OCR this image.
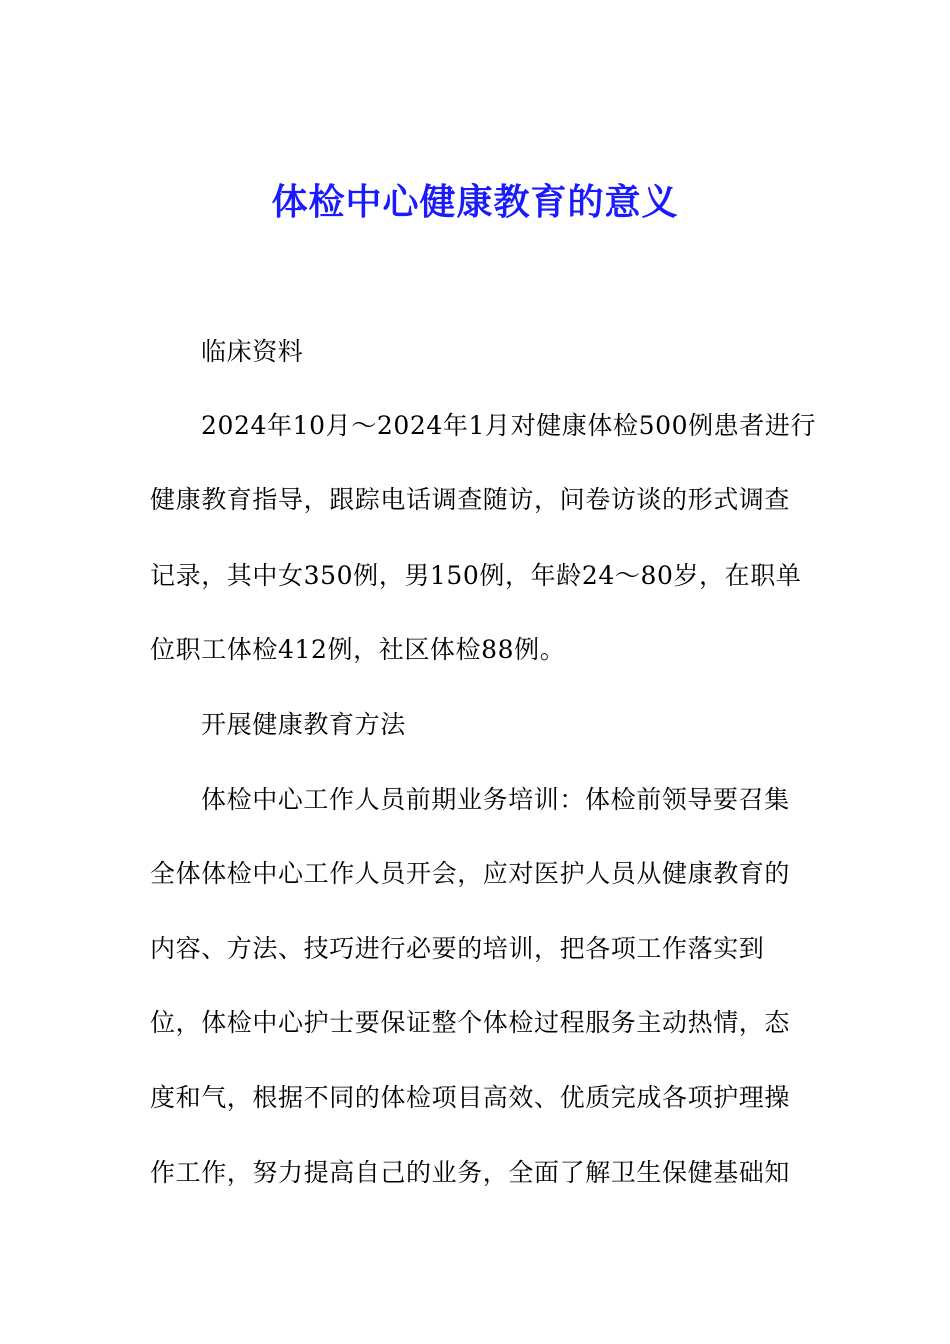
体检中心健康教育的意义
临床资料
2024年10月～2024年1月对健康体检500例患者进行
健康教育指导，跟踪电话调查随访，问卷访谈的形式调查
记录，其中女350例，男150例，年龄24～80岁，在职单
位职工体检412例，社区体检88例。
开展健康教育方法
体检中心工作人员前期业务培训：体检前领导要召集
全体体检中心工作人员开会，应对医护人员从健康教育的
内容、方法、技巧进行必要的培训，把各项工作落实到
位，体检中心护士要保证整个体检过程服务主动热情，态
度和气，根据不同的体检项目高效、优质完成各项护理操
作工作，努力提高自己的业务，全面了解卫生保健基础知
